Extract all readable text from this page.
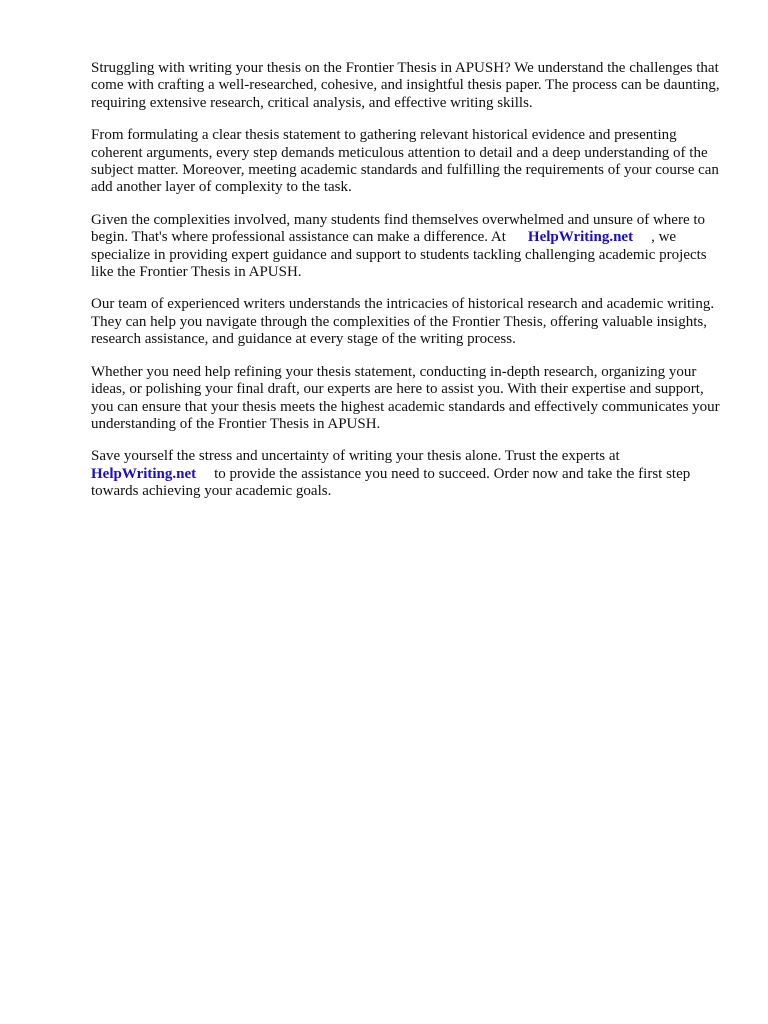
Struggling with writing your thesis on the Frontier Thesis in APUSH? We understand the challenges that come with crafting a well-researched, cohesive, and insightful thesis paper. The process can be daunting, requiring extensive research, critical analysis, and effective writing skills.

From formulating a clear thesis statement to gathering relevant historical evidence and presenting coherent arguments, every step demands meticulous attention to detail and a deep understanding of the subject matter. Moreover, meeting academic standards and fulfilling the requirements of your course can add another layer of complexity to the task.

Given the complexities involved, many students find themselves overwhelmed and unsure of where to begin. That's where professional assistance can make a difference. At HelpWriting.net , we specialize in providing expert guidance and support to students tackling challenging academic projects like the Frontier Thesis in APUSH.

Our team of experienced writers understands the intricacies of historical research and academic writing. They can help you navigate through the complexities of the Frontier Thesis, offering valuable insights, research assistance, and guidance at every stage of the writing process.

Whether you need help refining your thesis statement, conducting in-depth research, organizing your ideas, or polishing your final draft, our experts are here to assist you. With their expertise and support, you can ensure that your thesis meets the highest academic standards and effectively communicates your understanding of the Frontier Thesis in APUSH.

Save yourself the stress and uncertainty of writing your thesis alone. Trust the experts at HelpWriting.net to provide the assistance you need to succeed. Order now and take the first step towards achieving your academic goals.
